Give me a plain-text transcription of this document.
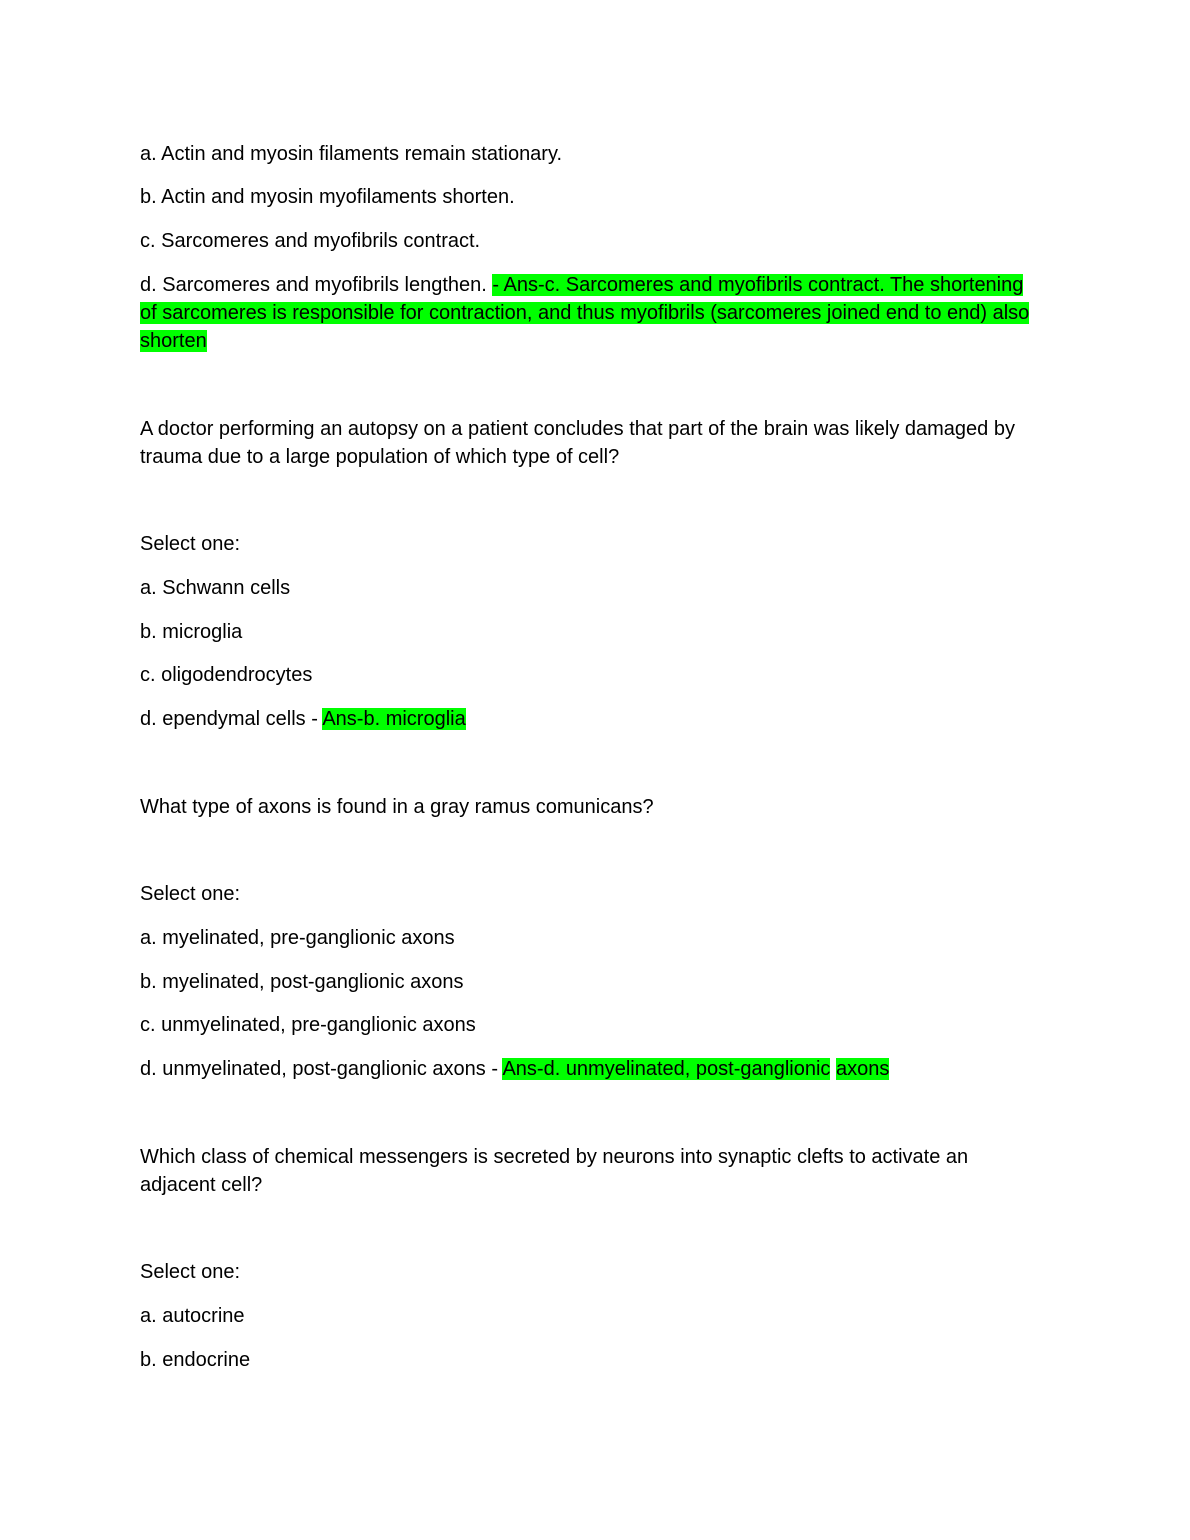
a. Actin and myosin filaments remain stationary.
b. Actin and myosin myofilaments shorten.
c. Sarcomeres and myofibrils contract.
d. Sarcomeres and myofibrils lengthen. - Ans-c. Sarcomeres and myofibrils contract. The shortening of sarcomeres is responsible for contraction, and thus myofibrils (sarcomeres joined end to end) also shorten
A doctor performing an autopsy on a patient concludes that part of the brain was likely damaged by trauma due to a large population of which type of cell?
Select one:
a. Schwann cells
b. microglia
c. oligodendrocytes
d. ependymal cells - Ans-b. microglia
What type of axons is found in a gray ramus comunicans?
Select one:
a. myelinated, pre-ganglionic axons
b. myelinated, post-ganglionic axons
c. unmyelinated, pre-ganglionic axons
d. unmyelinated, post-ganglionic axons - Ans-d. unmyelinated, post-ganglionic axons
Which class of chemical messengers is secreted by neurons into synaptic clefts to activate an adjacent cell?
Select one:
a. autocrine
b. endocrine
